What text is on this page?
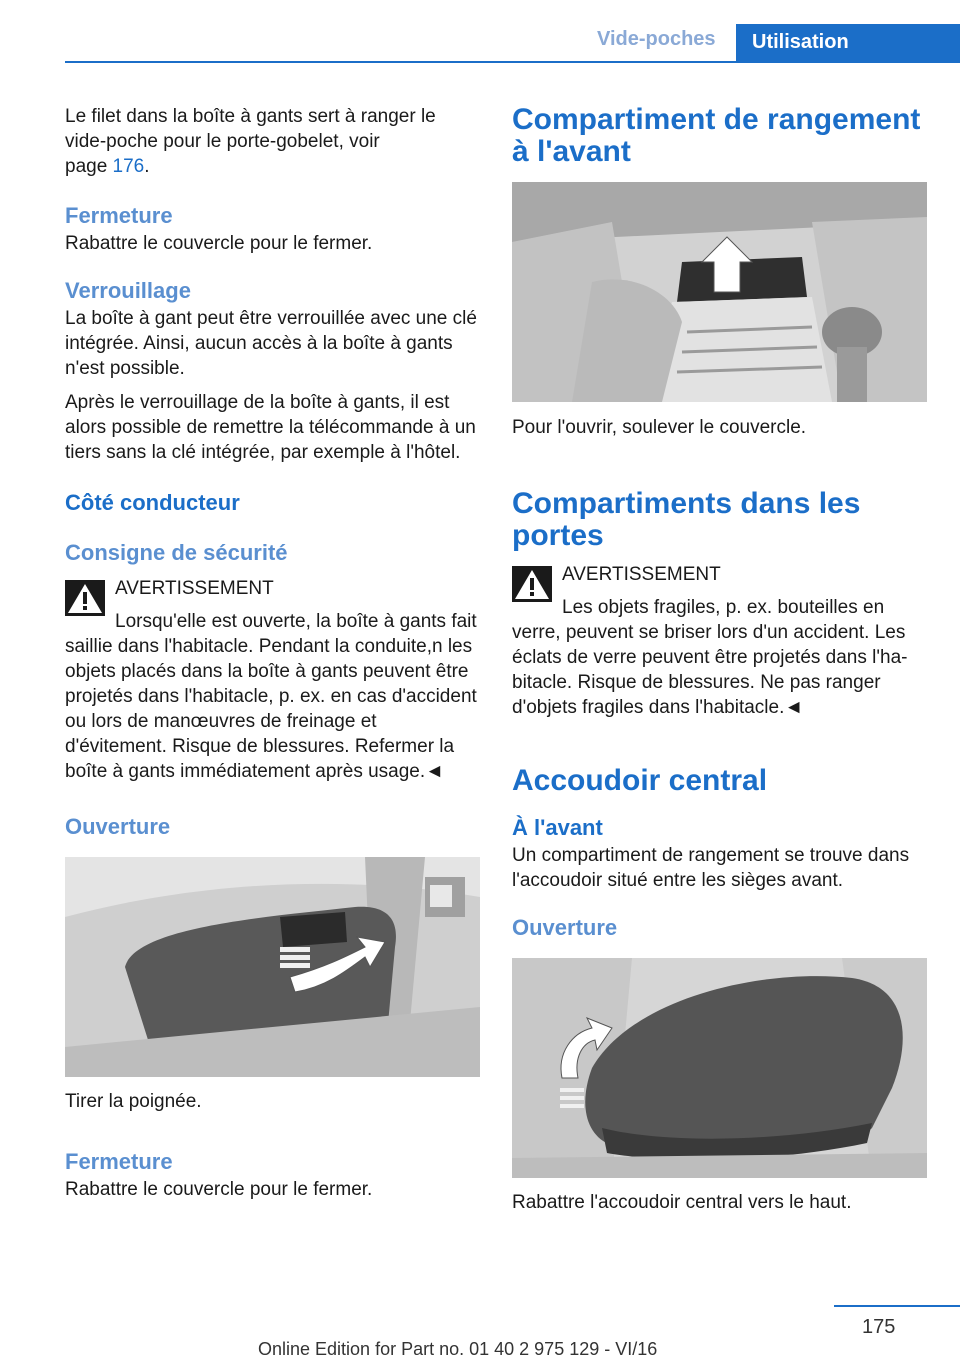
Vide-poches	Utilisation

Le filet dans la boîte à gants sert à ranger le vide-poche pour le porte-gobelet, voir
page 176.

Fermeture

Rabattre le couvercle pour le fermer.

Verrouillage

La boîte à gant peut être verrouillée avec une clé intégrée. Ainsi, aucun accès à la boîte à gants n'est possible.

Après le verrouillage de la boîte à gants, il est alors possible de remettre la télécommande à un tiers sans la clé intégrée, par exemple à l'hôtel.

Côté conducteur
Consigne de sécurité
AVERTISSEMENT

Lorsqu'elle est ouverte, la boîte à gants fait saillie dans l'habitacle. Pendant la conduite,n les objets placés dans la boîte à gants peuvent être projetés dans l'habitacle, p. ex. en cas d'accident ou lors de manœuvres de freinage et d'évitement. Risque de blessures. Refermer la boîte à gants immédiatement après usage.◄

Ouverture

Tirer la poignée.

Fermeture

Rabattre le couvercle pour le fermer.

Compartiment de rangement à l'avant

Pour l'ouvrir, soulever le couvercle.

Compartiments dans les portes
AVERTISSEMENT

Les objets fragiles, p. ex. bouteilles en verre, peuvent se briser lors d'un accident. Les éclats de verre peuvent être projetés dans l'habitacle. Risque de blessures. Ne pas ranger d'objets fragiles dans l'habitacle.◄

Accoudoir central
À l'avant

Un compartiment de rangement se trouve dans l'accoudoir situé entre les sièges avant.

Ouverture

Rabattre l'accoudoir central vers le haut.

175
Online Edition for Part no. 01 40 2 975 129 - VI/16
